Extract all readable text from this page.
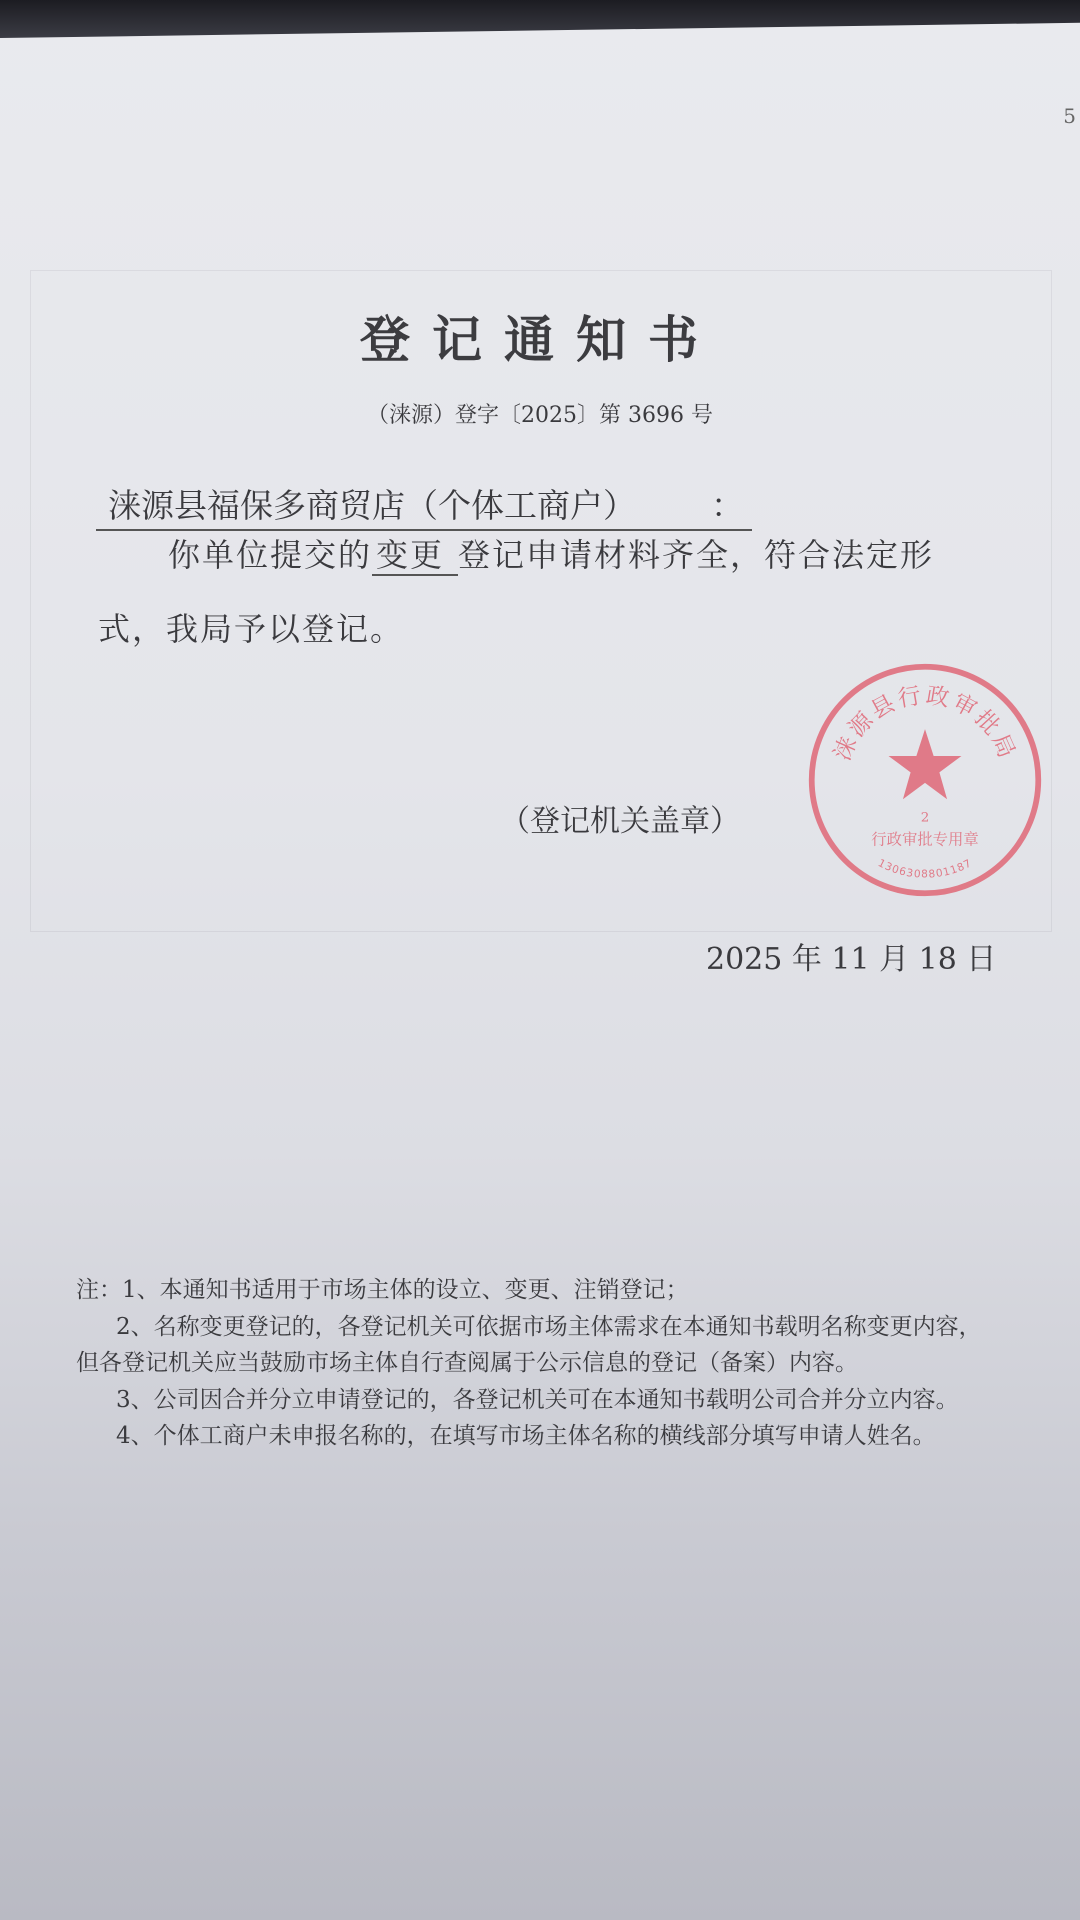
5
登记通知书
（涞源）登字〔2025〕第 3696 号
涞源县福保多商贸店（个体工商户） ：
你单位提交的 变更 登记申请材料齐全，符合法定形
式，我局予以登记。
（登记机关盖章）
2025 年 11 月 18 日
涞源县行政审批局
2
行政审批专用章
1306308801187
注：1、本通知书适用于市场主体的设立、变更、注销登记；
2、名称变更登记的，各登记机关可依据市场主体需求在本通知书载明名称变更内容，
但各登记机关应当鼓励市场主体自行查阅属于公示信息的登记（备案）内容。
3、公司因合并分立申请登记的，各登记机关可在本通知书载明公司合并分立内容。
4、个体工商户未申报名称的，在填写市场主体名称的横线部分填写申请人姓名。
